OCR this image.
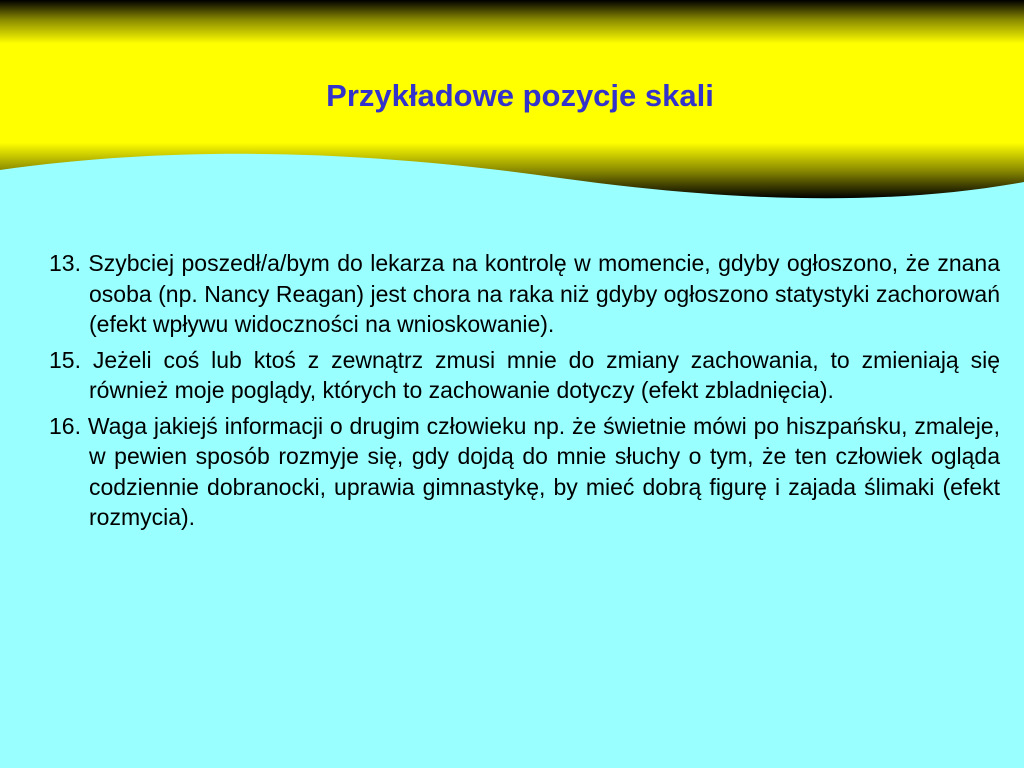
Przykładowe pozycje skali
13. Szybciej poszedł/a/bym do lekarza na kontrolę w momencie, gdyby ogłoszono, że znana osoba (np. Nancy Reagan) jest chora na raka niż gdyby ogłoszono statystyki zachorowań (efekt wpływu widoczności na wnioskowanie).
15. Jeżeli coś lub ktoś z zewnątrz zmusi mnie do zmiany zachowania, to zmieniają się również moje poglądy, których to zachowanie dotyczy (efekt zbladnięcia).
16. Waga jakiejś informacji o drugim człowieku np. że świetnie mówi po hiszpańsku, zmaleje, w pewien sposób rozmyje się, gdy dojdą do mnie słuchy o tym, że ten człowiek ogląda codziennie dobranocki, uprawia gimnastykę, by mieć dobrą figurę i zajada ślimaki (efekt rozmycia).
